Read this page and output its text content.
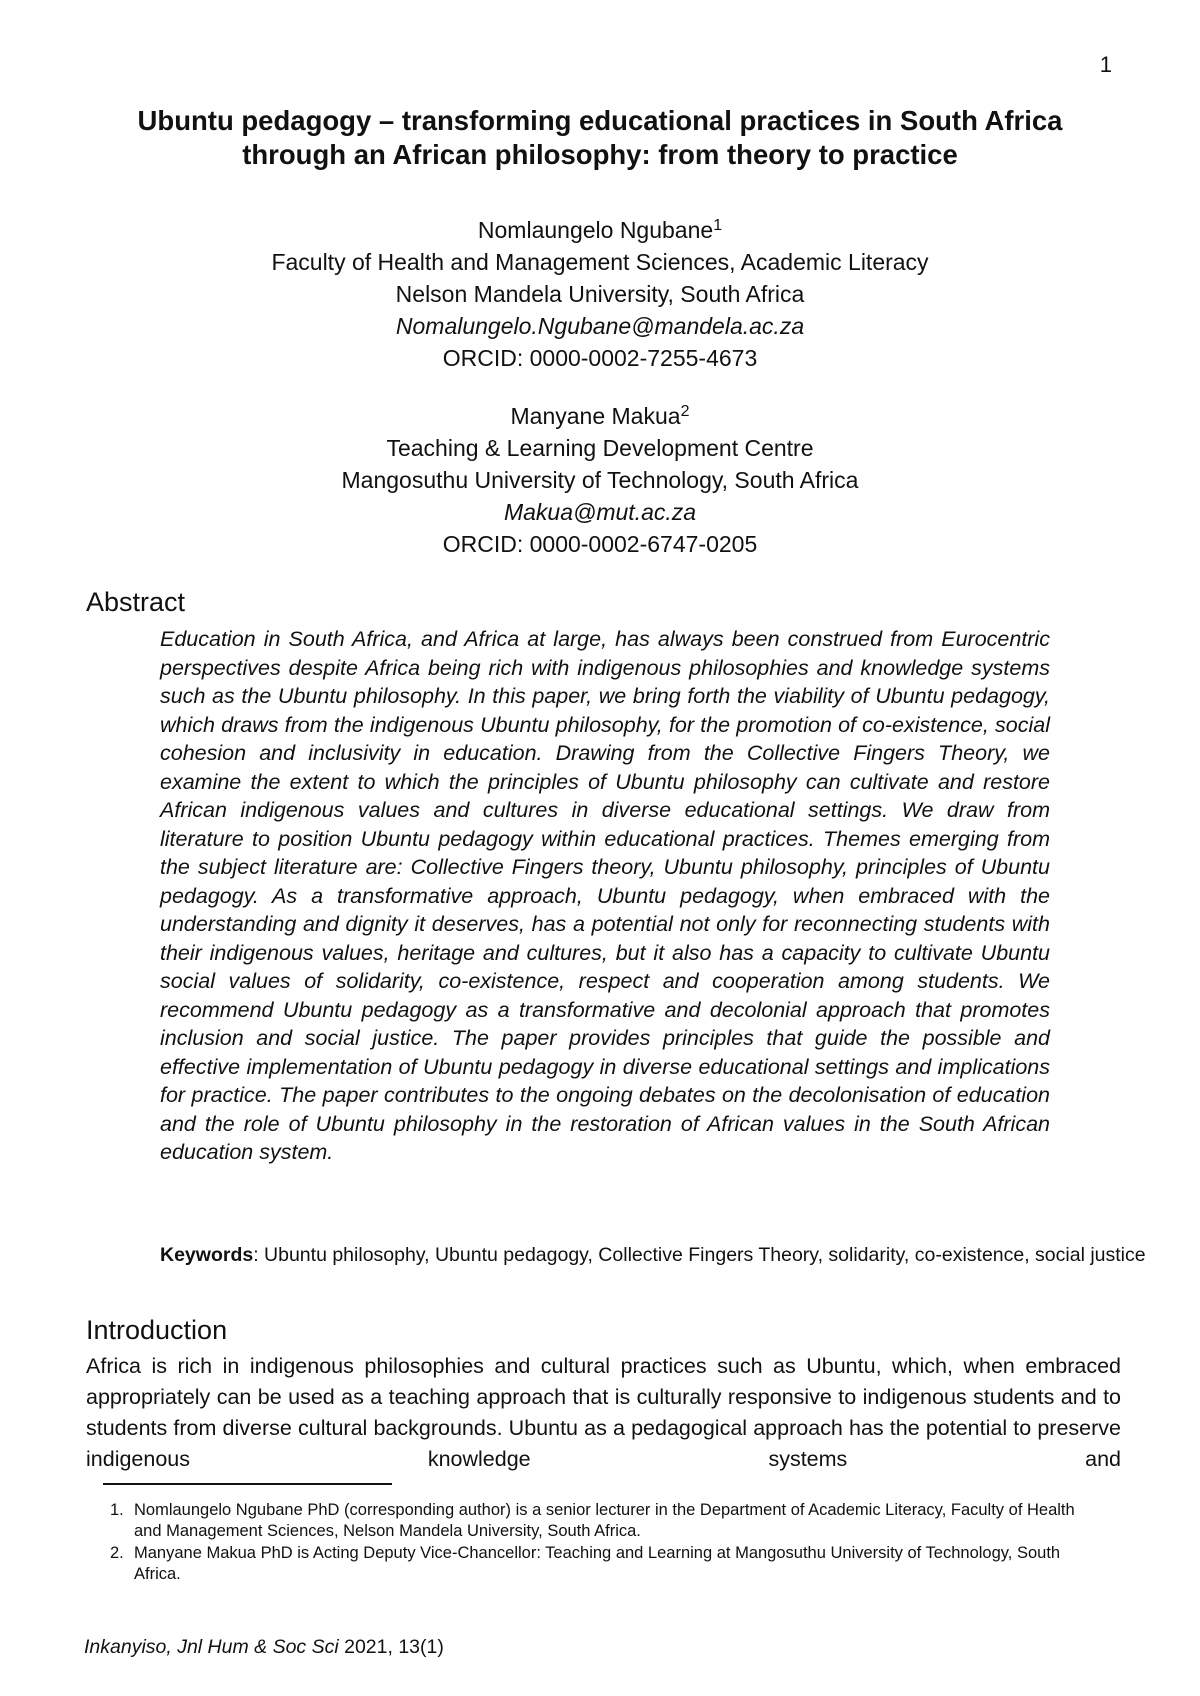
1
Ubuntu pedagogy – transforming educational practices in South Africa
through an African philosophy: from theory to practice
Nomlaungelo Ngubane$^1$
Faculty of Health and Management Sciences, Academic Literacy
Nelson Mandela University, South Africa
Nomalungelo.Ngubane@mandela.ac.za
ORCID: 0000-0002-7255-4673
Manyane Makua$^2$
Teaching & Learning Development Centre
Mangosuthu University of Technology, South Africa
Makua@mut.ac.za
ORCID: 0000-0002-6747-0205
Abstract
Education in South Africa, and Africa at large, has always been construed from Eurocentric perspectives despite Africa being rich with indigenous philosophies and knowledge systems such as the Ubuntu philosophy. In this paper, we bring forth the viability of Ubuntu pedagogy, which draws from the indigenous Ubuntu philosophy, for the promotion of co-existence, social cohesion and inclusivity in education. Drawing from the Collective Fingers Theory, we examine the extent to which the principles of Ubuntu philosophy can cultivate and restore African indigenous values and cultures in diverse educational settings. We draw from literature to position Ubuntu pedagogy within educational practices. Themes emerging from the subject literature are: Collective Fingers theory, Ubuntu philosophy, principles of Ubuntu pedagogy. As a transformative approach, Ubuntu pedagogy, when embraced with the understanding and dignity it deserves, has a potential not only for reconnecting students with their indigenous values, heritage and cultures, but it also has a capacity to cultivate Ubuntu social values of solidarity, co-existence, respect and cooperation among students. We recommend Ubuntu pedagogy as a transformative and decolonial approach that promotes inclusion and social justice. The paper provides principles that guide the possible and effective implementation of Ubuntu pedagogy in diverse educational settings and implications for practice. The paper contributes to the ongoing debates on the decolonisation of education and the role of Ubuntu philosophy in the restoration of African values in the South African education system.
Keywords: Ubuntu philosophy, Ubuntu pedagogy, Collective Fingers Theory, solidarity, co-existence, social justice
Introduction
Africa is rich in indigenous philosophies and cultural practices such as Ubuntu, which, when embraced appropriately can be used as a teaching approach that is culturally responsive to indigenous students and to students from diverse cultural backgrounds. Ubuntu as a pedagogical approach has the potential to preserve indigenous knowledge systems and
1. Nomlaungelo Ngubane PhD (corresponding author) is a senior lecturer in the Department of Academic Literacy, Faculty of Health and Management Sciences, Nelson Mandela University, South Africa.
2. Manyane Makua PhD is Acting Deputy Vice-Chancellor: Teaching and Learning at Mangosuthu University of Technology, South Africa.
Inkanyiso, Jnl Hum & Soc Sci 2021, 13(1)
